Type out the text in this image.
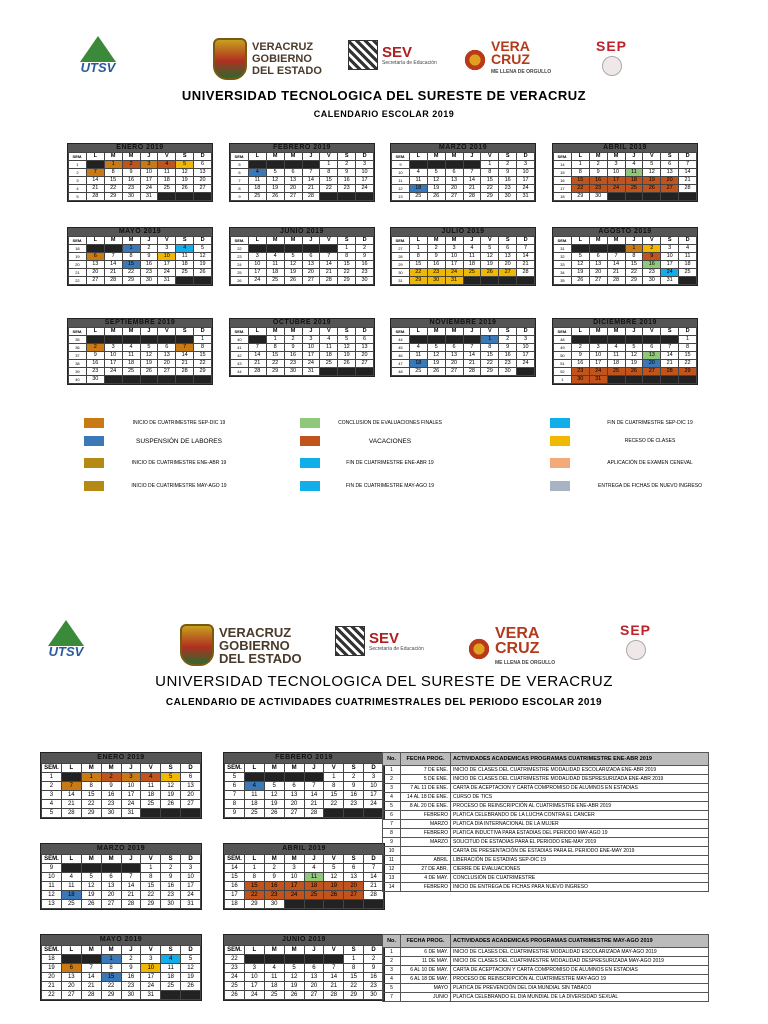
UTSV
VERACRUZ
GOBIERNO
DEL ESTADO
SEV
Secretaría de Educación
VERA
CRUZ
ME LLENA DE ORGULLO
SEP
UNIVERSIDAD TECNOLOGICA DEL SURESTE DE VERACRUZ
CALENDARIO ESCOLAR 2019
ENERO 2019
SEM.	L	M	M	J	V	S	D
1		1	2	3	4	5	6
2	7	8	9	10	11	12	13
3	14	15	16	17	18	19	20
4	21	22	23	24	25	26	27
5	28	29	30	31			
FEBRERO 2019
SEM.	L	M	M	J	V	S	D
5					1	2	3
6	4	5	6	7	8	9	10
7	11	12	13	14	15	16	17
8	18	19	20	21	22	23	24
9	25	26	27	28			
MARZO 2019
SEM.	L	M	M	J	V	S	D
9					1	2	3
10	4	5	6	7	8	9	10
11	11	12	13	14	15	16	17
12	18	19	20	21	22	23	24
13	25	26	27	28	29	30	31
ABRIL 2019
SEM.	L	M	M	J	V	S	D
14	1	2	3	4	5	6	7
15	8	9	10	11	12	13	14
16	15	16	17	18	19	20	21
17	22	23	24	25	26	27	28
18	29	30					
MAYO 2019
SEM.	L	M	M	J	V	S	D
18			1	2	3	4	5
19	6	7	8	9	10	11	12
20	13	14	15	16	17	18	19
21	20	21	22	23	24	25	26
22	27	28	29	30	31		
JUNIO 2019
SEM.	L	M	M	J	V	S	D
22						1	2
23	3	4	5	6	7	8	9
24	10	11	12	13	14	15	16
25	17	18	19	20	21	22	23
26	24	25	26	27	28	29	30
JULIO 2019
SEM.	L	M	M	J	V	S	D
27	1	2	3	4	5	6	7
28	8	9	10	11	12	13	14
29	15	16	17	18	19	20	21
30	22	23	24	25	26	27	28
31	29	30	31				
AGOSTO 2019
SEM.	L	M	M	J	V	S	D
31				1	2	3	4
32	5	6	7	8	9	10	11
33	12	13	14	15	16	17	18
34	19	20	21	22	23	24	25
35	26	27	28	29	30	31	
SEPTIEMBRE 2019
SEM.	L	M	M	J	V	S	D
35							1
36	2	3	4	5	6	7	8
37	9	10	11	12	13	14	15
38	16	17	18	19	20	21	22
39	23	24	25	26	27	28	29
40	30						
OCTUBRE 2019
SEM.	L	M	M	J	V	S	D
40		1	2	3	4	5	6
41	7	8	9	10	11	12	13
42	14	15	16	17	18	19	20
43	21	22	23	24	25	26	27
44	28	29	30	31			
NOVIEMBRE 2019
SEM.	L	M	M	J	V	S	D
44					1	2	3
45	4	5	6	7	8	9	10
46	11	12	13	14	15	16	17
47	18	19	20	21	22	23	24
48	25	26	27	28	29	30	
DICIEMBRE 2019
SEM.	L	M	M	J	V	S	D
48							1
49	2	3	4	5	6	7	8
50	9	10	11	12	13	14	15
51	16	17	18	19	20	21	22
52	23	24	25	26	27	28	29
1	30	31					
INICIO DE CUATRIMESTRE SEP-DIC 19	CONCLUSION DE EVALUACIONES FINALES	FIN DE CUATRIMESTRE SEP-DIC 19
SUSPENSIÓN DE LABORES	VACACIONES	RECESO DE CLASES
INICIO DE CUATRIMESTRE ENE-ABR 19	FIN DE CUATRIMESTRE ENE-ABR 19	APLICACIÓN DE EXAMEN CENEVAL
INICIO DE CUATRIMESTRE MAY-AGO 19	FIN DE CUATRIMESTRE MAY-AGO 19	ENTREGA DE FICHAS DE NUEVO INGRESO
UTSV
VERACRUZ
GOBIERNO
DEL ESTADO
SEV
Secretaría de Educación
VERA
CRUZ
ME LLENA DE ORGULLO
SEP
UNIVERSIDAD TECNOLOGICA DEL SURESTE DE VERACRUZ
CALENDARIO DE ACTIVIDADES CUATRIMESTRALES DEL PERIODO ESCOLAR 2019
ENERO 2019
SEM.	L	M	M	J	V	S	D
1		1	2	3	4	5	6
2	7	8	9	10	11	12	13
3	14	15	16	17	18	19	20
4	21	22	23	24	25	26	27
5	28	29	30	31			
FEBRERO 2019
SEM.	L	M	M	J	V	S	D
5					1	2	3
6	4	5	6	7	8	9	10
7	11	12	13	14	15	16	17
8	18	19	20	21	22	23	24
9	25	26	27	28			
MARZO 2019
SEM.	L	M	M	J	V	S	D
9					1	2	3
10	4	5	6	7	8	9	10
11	11	12	13	14	15	16	17
12	18	19	20	21	22	23	24
13	25	26	27	28	29	30	31
ABRIL 2019
SEM.	L	M	M	J	V	S	D
14	1	2	3	4	5	6	7
15	8	9	10	11	12	13	14
16	15	16	17	18	19	20	21
17	22	23	24	25	26	27	28
18	29	30					
MAYO 2019
SEM.	L	M	M	J	V	S	D
18			1	2	3	4	5
19	6	7	8	9	10	11	12
20	13	14	15	16	17	18	19
21	20	21	22	23	24	25	26
22	27	28	29	30	31		
JUNIO 2019
SEM.	L	M	M	J	V	S	D
22						1	2
23	3	4	5	6	7	8	9
24	10	11	12	13	14	15	16
25	17	18	19	20	21	22	23
26	24	25	26	27	28	29	30
No.	FECHA PROG.	ACTIVIDADES ACADEMICAS PROGRAMAS CUATRIMESTRE ENE-ABR 2019
1	7 DE ENE.	INICIO DE CLASES DEL CUATRIMESTRE MODALIDAD ESCOLARIZADA ENE-ABR 2019
2	5 DE ENE.	INICIO DE CLASES DEL CUATRIMESTRE MODALIDAD DESPRESURIZADA ENE-ABR 2019
3	7 AL 11 DE ENE.	CARTA DE ACEPTACION Y CARTA COMPROMISO DE ALUMNOS EN ESTADIAS
4	14 AL 18 DE ENE.	CURSO DE TICS
5	8 AL 20 DE ENE.	PROCESO DE REINSCRIPCIÓN AL CUATRIMESTRE ENE-ABR 2019
6	FEBRERO	PLATICA CELEBRANDO DE LA LUCHA CONTRA EL CANCER
7	MARZO	PLATICA DIA INTERNACIONAL DE LA MUJER
8	FEBRERO	PLATICA INDUCTIVA PARA ESTADIAS DEL PERIODO MAY-AGO 19
9	MARZO	SOLICITUD DE ESTADIAS PARA EL PERIODO ENE-MAY 2019
10		CARTA DE PRESENTACIÓN DE ESTADIAS PARA EL PERIODO ENE-MAY 2019
11	ABRIL	LIBERACIÓN DE ESTADIAS SEP-DIC 19
12	27 DE ABR.	CIERRE DE EVALUACIONES
13	4 DE MAY.	CONCLUSIÓN DE CUATRIMESTRE
14	FEBRERO	INICIO DE ENTREGA DE FICHAS PARA NUEVO INGRESO
No.	FECHA PROG.	ACTIVIDADES ACADEMICAS PROGRAMAS CUATRIMESTRE MAY-AGO 2019
1	6 DE MAY.	INICIO DE CLASES DEL CUATRIMESTRE MODALIDAD ESCOLARIZADA MAY-AGO 2019
2	11 DE MAY.	INICIO DE CLASES DEL CUATRIMESTRE MODALIDAD DESPRESURIZADA MAY-AGO 2019
3	6 AL 10 DE MAY.	CARTA DE ACEPTACION Y CARTA COMPROMISO DE ALUMNOS EN ESTADIAS
4	6 AL 18 DE MAY.	PROCESO DE REINSCRIPCIÓN AL CUATRIMESTRE MAY-AGO 19
5	MAYO	PLATICA DE PREVENCIÓN DEL DIA MUNDIAL SIN TABACO
7	JUNIO	PLATICA CELEBRANDO EL DIA MUNDIAL DE LA DIVERSIDAD SEXUAL
